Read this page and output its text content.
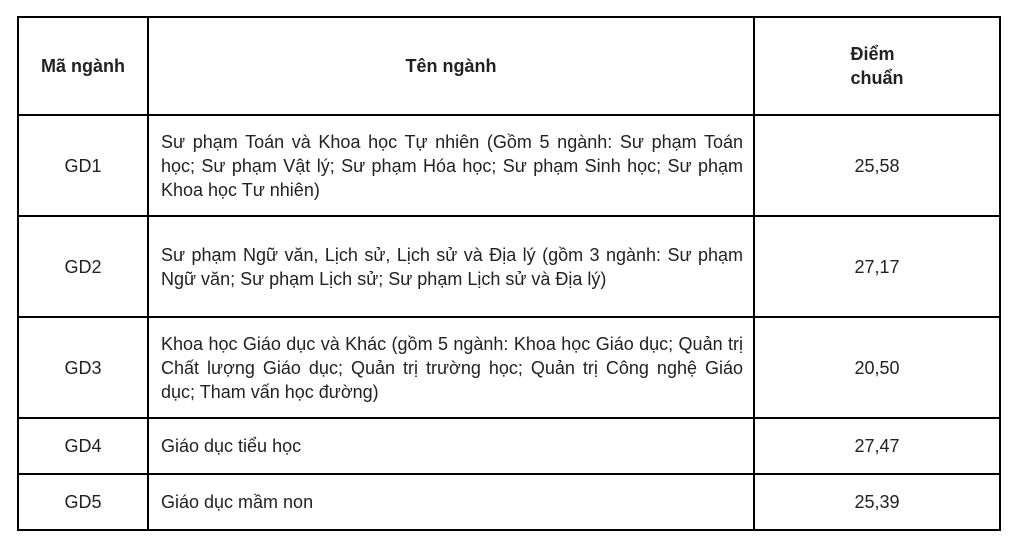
Mã ngành	Tên ngành	Điểm
chuẩn
GD1	Sư phạm Toán và Khoa học Tự nhiên (Gồm 5 ngành: Sư phạm Toán học; Sư phạm Vật lý; Sư phạm Hóa học; Sư phạm Sinh học; Sư phạm Khoa học Tư nhiên)	25,58
GD2	Sư phạm Ngữ văn, Lịch sử, Lịch sử và Địa lý (gồm 3 ngành: Sư phạm Ngữ văn; Sư phạm Lịch sử; Sư phạm Lịch sử và Địa lý)	27,17
GD3	Khoa học Giáo dục và Khác (gồm 5 ngành: Khoa học Giáo dục; Quản trị Chất lượng Giáo dục; Quản trị trường học; Quản trị Công nghệ Giáo dục; Tham vấn học đường)	20,50
GD4	Giáo dục tiểu học	27,47
GD5	Giáo dục mầm non	25,39
